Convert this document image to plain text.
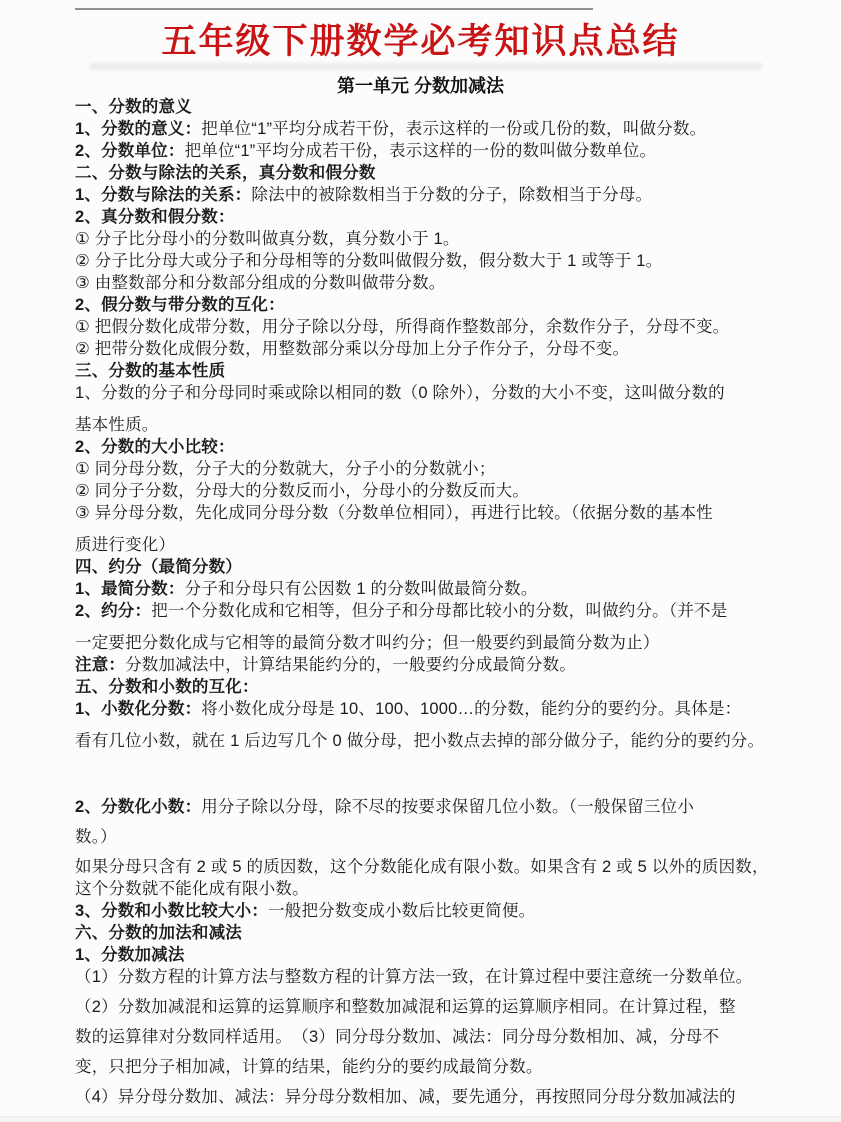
五年级下册数学必考知识点总结
第一单元 分数加减法
一、分数的意义
1、分数的意义：把单位“1”平均分成若干份，表示这样的一份或几份的数，叫做分数。
2、分数单位：把单位“1”平均分成若干份，表示这样的一份的数叫做分数单位。
二、分数与除法的关系，真分数和假分数
1、分数与除法的关系：除法中的被除数相当于分数的分子，除数相当于分母。
2、真分数和假分数：
① 分子比分母小的分数叫做真分数，真分数小于 1。
② 分子比分母大或分子和分母相等的分数叫做假分数，假分数大于 1 或等于 1。
③ 由整数部分和分数部分组成的分数叫做带分数。
2、假分数与带分数的互化：
① 把假分数化成带分数，用分子除以分母，所得商作整数部分，余数作分子，分母不变。
② 把带分数化成假分数，用整数部分乘以分母加上分子作分子，分母不变。
三、分数的基本性质
1、分数的分子和分母同时乘或除以相同的数（0 除外），分数的大小不变，这叫做分数的
基本性质。
2、分数的大小比较：
① 同分母分数，分子大的分数就大，分子小的分数就小；
② 同分子分数，分母大的分数反而小，分母小的分数反而大。
③ 异分母分数，先化成同分母分数（分数单位相同），再进行比较。（依据分数的基本性
质进行变化）
四、约分（最简分数）
1、最简分数：分子和分母只有公因数 1 的分数叫做最简分数。
2、约分：把一个分数化成和它相等，但分子和分母都比较小的分数，叫做约分。（并不是
一定要把分数化成与它相等的最简分数才叫约分；但一般要约到最简分数为止）
注意：分数加减法中，计算结果能约分的，一般要约分成最简分数。
五、分数和小数的互化：
1、小数化分数：将小数化成分母是 10、100、1000…的分数，能约分的要约分。具体是：
看有几位小数，就在 1 后边写几个 0 做分母，把小数点去掉的部分做分子，能约分的要约分。
2、分数化小数：用分子除以分母，除不尽的按要求保留几位小数。（一般保留三位小
数。）
如果分母只含有 2 或 5 的质因数，这个分数能化成有限小数。如果含有 2 或 5 以外的质因数，
这个分数就不能化成有限小数。
3、分数和小数比较大小：一般把分数变成小数后比较更简便。
六、分数的加法和减法
1、分数加减法
（1）分数方程的计算方法与整数方程的计算方法一致，在计算过程中要注意统一分数单位。
（2）分数加减混和运算的运算顺序和整数加减混和运算的运算顺序相同。在计算过程，整
数的运算律对分数同样适用。　（3）同分母分数加、减法：同分母分数相加、减，分母不
变，只把分子相加减，计算的结果，能约分的要约成最简分数。
（4）异分母分数加、减法：异分母分数相加、减，要先通分，再按照同分母分数加减法的
